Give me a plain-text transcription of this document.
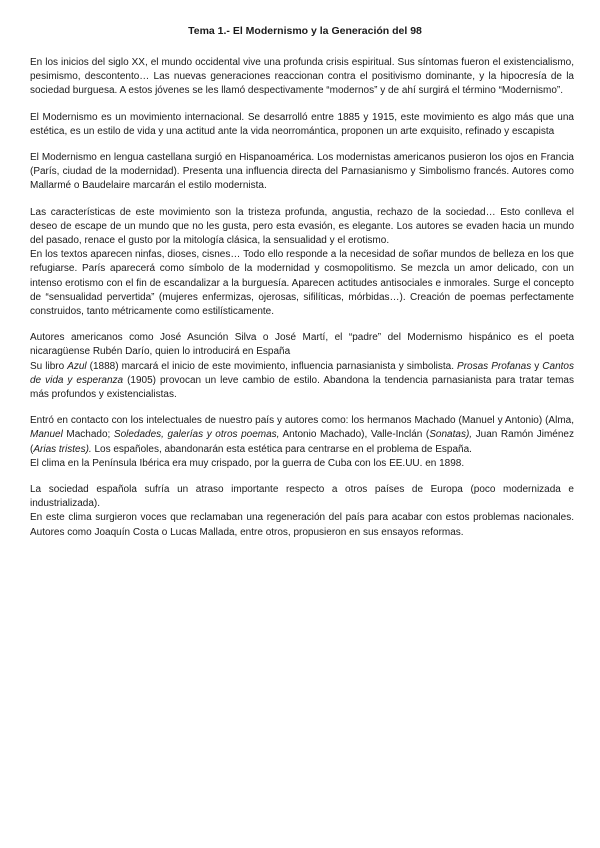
Tema 1.- El Modernismo y la Generación del 98

En los inicios del siglo XX, el mundo occidental vive una profunda crisis espiritual. Sus síntomas fueron el existencialismo, pesimismo, descontento… Las nuevas generaciones reaccionan contra el positivismo dominante, y la hipocresía de la sociedad burguesa. A estos jóvenes se les llamó despectivamente “modernos” y de ahí surgirá el término “Modernismo”.

El Modernismo es un movimiento internacional. Se desarrolló entre 1885 y 1915, este movimiento es algo más que una estética, es un estilo de vida y una actitud ante la vida neorromántica, proponen un arte exquisito, refinado y escapista

El Modernismo en lengua castellana surgió en Hispanoamérica. Los modernistas americanos pusieron los ojos en Francia (París, ciudad de la modernidad). Presenta una influencia directa del Parnasianismo y Simbolismo francés. Autores como Mallarmé o Baudelaire marcarán el estilo modernista.

Las características de este movimiento son la tristeza profunda, angustia, rechazo de la sociedad… Esto conlleva el deseo de escape de un mundo que no les gusta, pero esta evasión, es elegante. Los autores se evaden hacia un mundo del pasado, renace el gusto por la mitología clásica, la sensualidad y el erotismo.
En los textos aparecen ninfas, dioses, cisnes… Todo ello responde a la necesidad de soñar mundos de belleza en los que refugiarse. París aparecerá como símbolo de la modernidad y cosmopolitismo. Se mezcla un amor delicado, con un intenso erotismo con el fin de escandalizar a la burguesía. Aparecen actitudes antisociales e inmorales. Surge el concepto de “sensualidad pervertida” (mujeres enfermizas, ojerosas, sifilíticas, mórbidas…). Creación de poemas perfectamente construidos, tanto métricamente como estilísticamente.

Autores americanos como José Asunción Silva o José Martí, el “padre” del Modernismo hispánico es el poeta nicaragüense Rubén Darío, quien lo introducirá en España
Su libro Azul (1888) marcará el inicio de este movimiento, influencia parnasianista y simbolista. Prosas Profanas y Cantos de vida y esperanza (1905) provocan un leve cambio de estilo. Abandona la tendencia parnasianista para tratar temas más profundos y existencialistas.

Entró en contacto con los intelectuales de nuestro país y autores como: los hermanos Machado (Manuel y Antonio) (Alma, Manuel Machado; Soledades, galerías y otros poemas, Antonio Machado), Valle-Inclán (Sonatas), Juan Ramón Jiménez (Arias tristes). Los españoles, abandonarán esta estética para centrarse en el problema de España.
El clima en la Península Ibérica era muy crispado, por la guerra de Cuba con los EE.UU. en 1898.

La sociedad española sufría un atraso importante respecto a otros países de Europa (poco modernizada e industrializada).
En este clima surgieron voces que reclamaban una regeneración del país para acabar con estos problemas nacionales. Autores como Joaquín Costa o Lucas Mallada, entre otros, propusieron en sus ensayos reformas.
